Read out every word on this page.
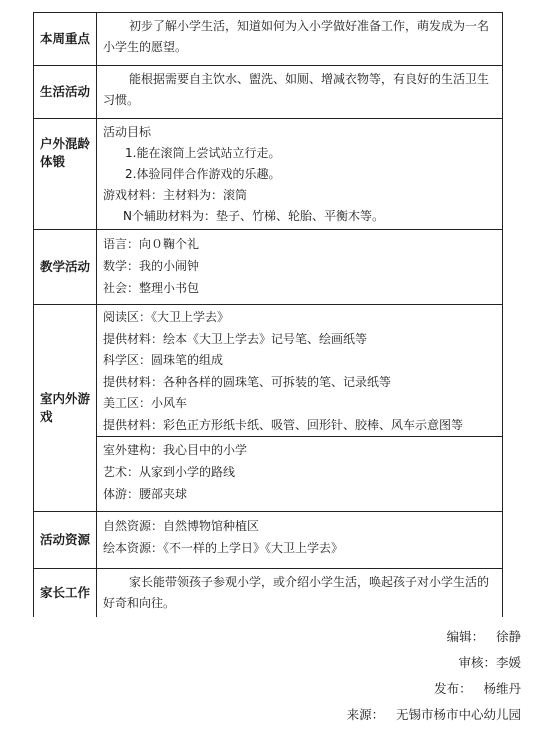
本周重点
初步了解小学生活，知道如何为入小学做好准备工作，萌发成为一名小学生的愿望。
生活活动
能根据需要自主饮水、盥洗、如厕、增减衣物等，有良好的生活卫生习惯。
户外混龄体锻
活动目标
1.能在滚筒上尝试站立行走。
2.体验同伴合作游戏的乐趣。
游戏材料：主材料为：滚筒
N个辅助材料为：垫子、竹梯、轮胎、平衡木等。
教学活动
语言：向０鞠个礼
数学：我的小闹钟
社会：整理小书包
室内外游戏
阅读区：《大卫上学去》
提供材料：绘本《大卫上学去》记号笔、绘画纸等
科学区：圆珠笔的组成
提供材料：各种各样的圆珠笔、可拆装的笔、记录纸等
美工区：小风车
提供材料：彩色正方形纸卡纸、吸管、回形针、胶棒、风车示意图等
室外建构：我心目中的小学
艺术：从家到小学的路线
体游：腰部夹球
活动资源
自然资源：自然博物馆种植区
绘本资源：《不一样的上学日》《大卫上学去》
家长工作
家长能带领孩子参观小学，或介绍小学生活，唤起孩子对小学生活的好奇和向往。
编辑：   徐静
审核：李媛
发布：   杨维丹
来源：   无锡市杨市中心幼儿园
